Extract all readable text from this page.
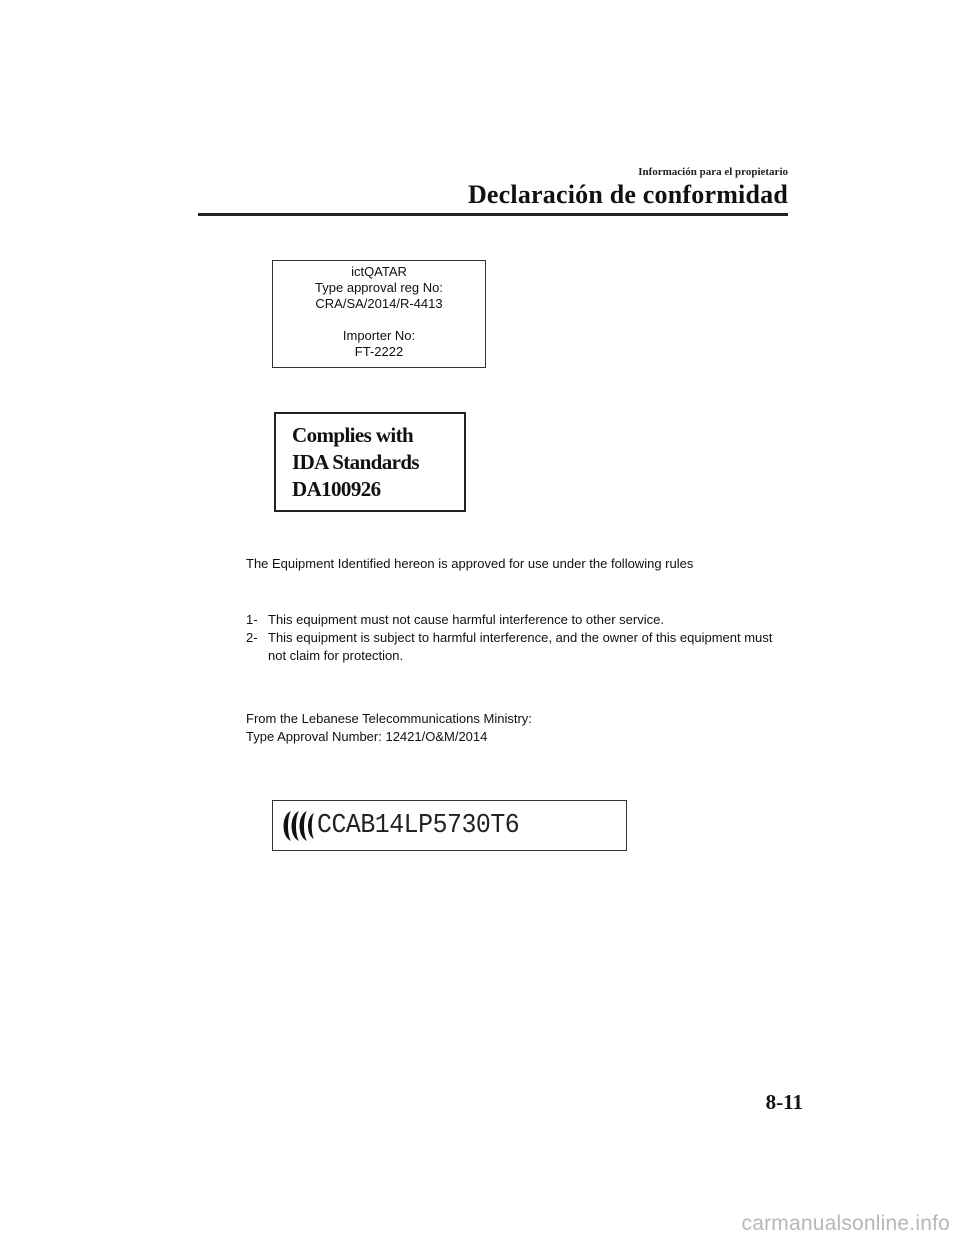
Información para el propietario
Declaración de conformidad
ictQATAR
Type approval reg No:
CRA/SA/2014/R-4413
Importer No:
FT-2222
Complies with
IDA Standards
DA100926
The Equipment Identified hereon is approved for use under the following rules
1- This equipment must not cause harmful interference to other service.
2- This equipment is subject to harmful interference, and the owner of this equipment must not claim for protection.
From the Lebanese Telecommunications Ministry:
Type Approval Number: 12421/O&M/2014
CCAB14LP5730T6
8-11
carmanualsonline.info
